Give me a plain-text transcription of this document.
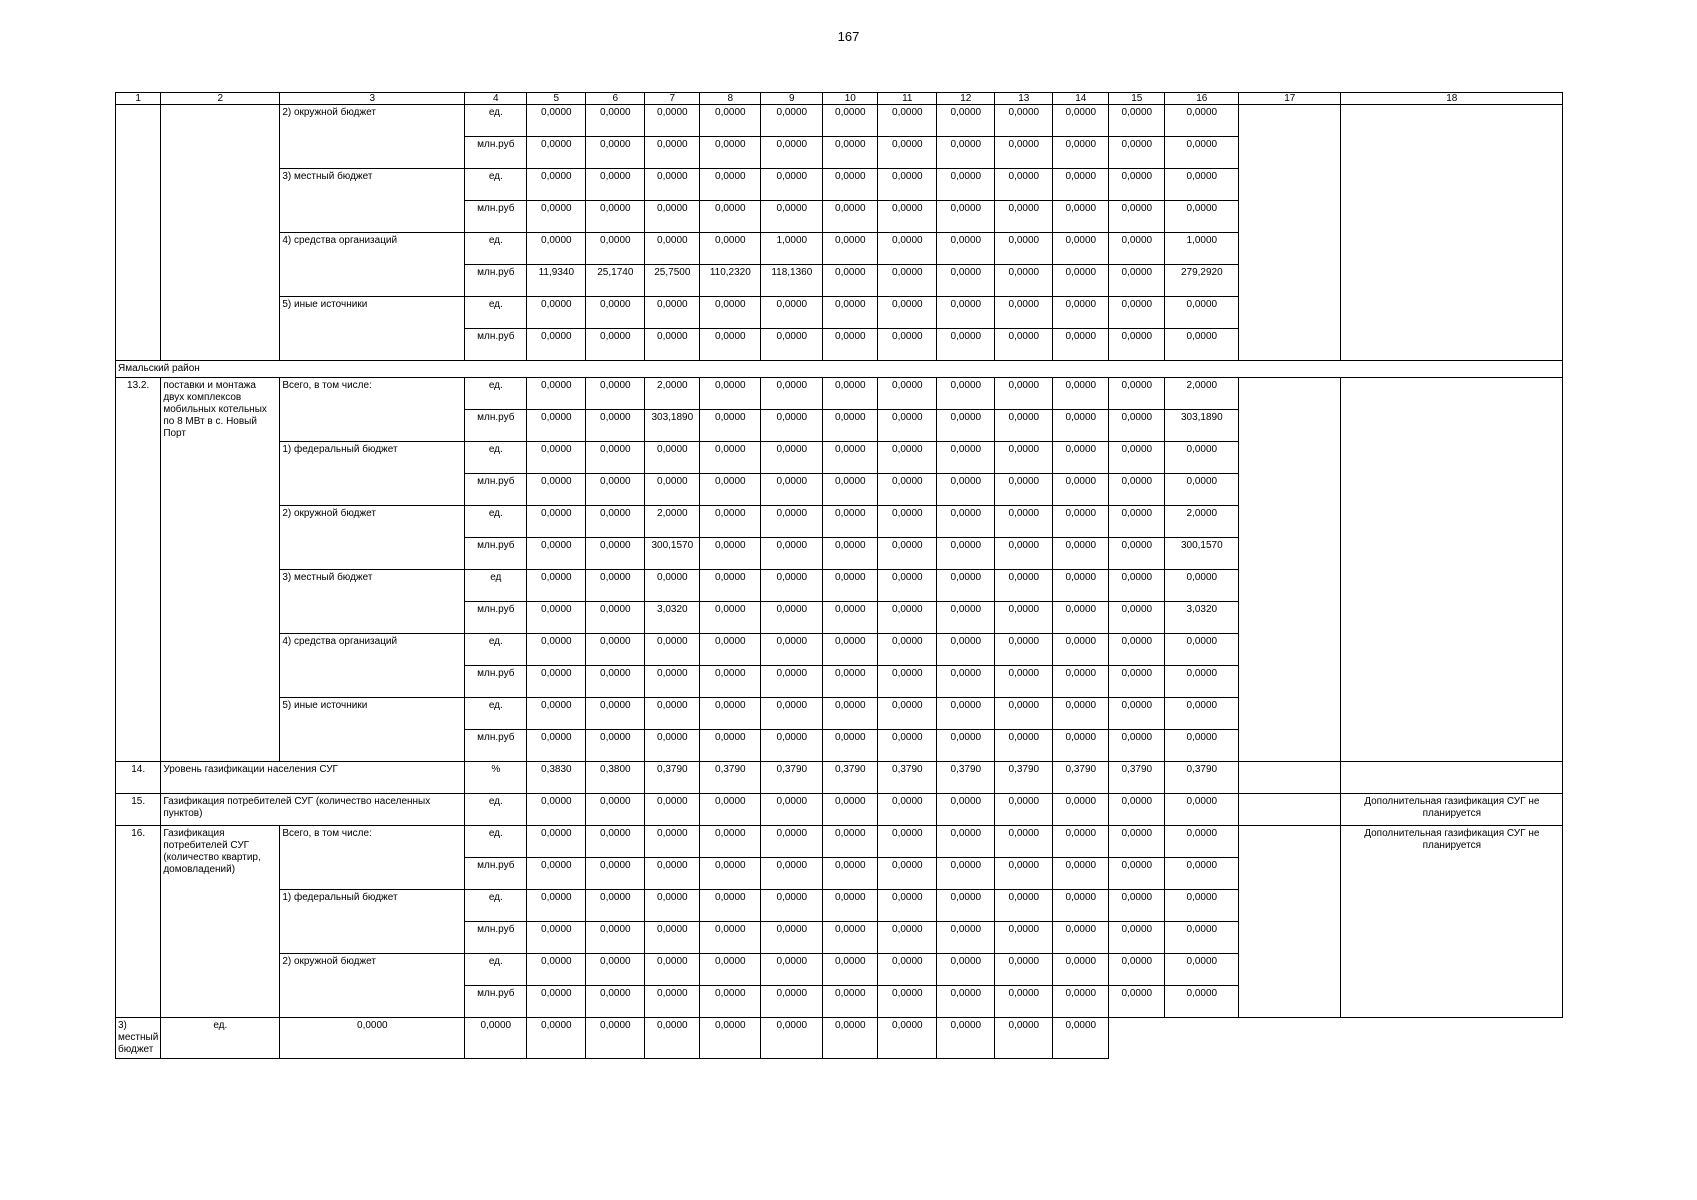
167
1	2	3	4	5	6	7	8	9	10	11	12	13	14	15	16	17	18
		2) окружной бюджет	ед.	0,0000	0,0000	0,0000	0,0000	0,0000	0,0000	0,0000	0,0000	0,0000	0,0000	0,0000	0,0000		
			млн.руб	0,0000	0,0000	0,0000	0,0000	0,0000	0,0000	0,0000	0,0000	0,0000	0,0000	0,0000	0,0000		
		3) местный бюджет	ед.	0,0000	0,0000	0,0000	0,0000	0,0000	0,0000	0,0000	0,0000	0,0000	0,0000	0,0000	0,0000		
			млн.руб	0,0000	0,0000	0,0000	0,0000	0,0000	0,0000	0,0000	0,0000	0,0000	0,0000	0,0000	0,0000		
		4) средства организаций	ед.	0,0000	0,0000	0,0000	0,0000	1,0000	0,0000	0,0000	0,0000	0,0000	0,0000	0,0000	1,0000		
			млн.руб	11,9340	25,1740	25,7500	110,2320	118,1360	0,0000	0,0000	0,0000	0,0000	0,0000	0,0000	279,2920		
		5) иные источники	ед.	0,0000	0,0000	0,0000	0,0000	0,0000	0,0000	0,0000	0,0000	0,0000	0,0000	0,0000	0,0000		
			млн.руб	0,0000	0,0000	0,0000	0,0000	0,0000	0,0000	0,0000	0,0000	0,0000	0,0000	0,0000	0,0000		
Ямальский район																	
13.2.	поставки и монтажа двух комплексов мобильных котельных по 8 МВт в с. Новый Порт	Всего, в том числе:	ед.	0,0000	0,0000	2,0000	0,0000	0,0000	0,0000	0,0000	0,0000	0,0000	0,0000	0,0000	2,0000		
			млн.руб	0,0000	0,0000	303,1890	0,0000	0,0000	0,0000	0,0000	0,0000	0,0000	0,0000	0,0000	303,1890		
		1) федеральный бюджет	ед.	0,0000	0,0000	0,0000	0,0000	0,0000	0,0000	0,0000	0,0000	0,0000	0,0000	0,0000	0,0000		
			млн.руб	0,0000	0,0000	0,0000	0,0000	0,0000	0,0000	0,0000	0,0000	0,0000	0,0000	0,0000	0,0000		
		2) окружной бюджет	ед.	0,0000	0,0000	2,0000	0,0000	0,0000	0,0000	0,0000	0,0000	0,0000	0,0000	0,0000	2,0000		
			млн.руб	0,0000	0,0000	300,1570	0,0000	0,0000	0,0000	0,0000	0,0000	0,0000	0,0000	0,0000	300,1570		
		3) местный бюджет	ед	0,0000	0,0000	0,0000	0,0000	0,0000	0,0000	0,0000	0,0000	0,0000	0,0000	0,0000	0,0000		
			млн.руб	0,0000	0,0000	3,0320	0,0000	0,0000	0,0000	0,0000	0,0000	0,0000	0,0000	0,0000	3,0320		
		4) средства организаций	ед.	0,0000	0,0000	0,0000	0,0000	0,0000	0,0000	0,0000	0,0000	0,0000	0,0000	0,0000	0,0000		
			млн.руб	0,0000	0,0000	0,0000	0,0000	0,0000	0,0000	0,0000	0,0000	0,0000	0,0000	0,0000	0,0000		
		5) иные источники	ед.	0,0000	0,0000	0,0000	0,0000	0,0000	0,0000	0,0000	0,0000	0,0000	0,0000	0,0000	0,0000		
			млн.руб	0,0000	0,0000	0,0000	0,0000	0,0000	0,0000	0,0000	0,0000	0,0000	0,0000	0,0000	0,0000		
14.	Уровень газификации населения СУГ		%	0,3830	0,3800	0,3790	0,3790	0,3790	0,3790	0,3790	0,3790	0,3790	0,3790	0,3790	0,3790		
15.	Газификация потребителей СУГ (количество населенных пунктов)		ед.	0,0000	0,0000	0,0000	0,0000	0,0000	0,0000	0,0000	0,0000	0,0000	0,0000	0,0000	0,0000		Дополнительная газификация СУГ не планируется
16.	Газификация потребителей СУГ (количество квартир, домовладений)	Всего, в том числе:	ед.	0,0000	0,0000	0,0000	0,0000	0,0000	0,0000	0,0000	0,0000	0,0000	0,0000	0,0000	0,0000		Дополнительная газификация СУГ не планируется
			млн.руб	0,0000	0,0000	0,0000	0,0000	0,0000	0,0000	0,0000	0,0000	0,0000	0,0000	0,0000	0,0000		
		1) федеральный бюджет	ед.	0,0000	0,0000	0,0000	0,0000	0,0000	0,0000	0,0000	0,0000	0,0000	0,0000	0,0000	0,0000		
			млн.руб	0,0000	0,0000	0,0000	0,0000	0,0000	0,0000	0,0000	0,0000	0,0000	0,0000	0,0000	0,0000		
		2) окружной бюджет	ед.	0,0000	0,0000	0,0000	0,0000	0,0000	0,0000	0,0000	0,0000	0,0000	0,0000	0,0000	0,0000		
			млн.руб	0,0000	0,0000	0,0000	0,0000	0,0000	0,0000	0,0000	0,0000	0,0000	0,0000	0,0000	0,0000		
3) местный бюджет	ед.	0,0000	0,0000	0,0000	0,0000	0,0000	0,0000	0,0000	0,0000	0,0000	0,0000	0,0000	0,0000				
